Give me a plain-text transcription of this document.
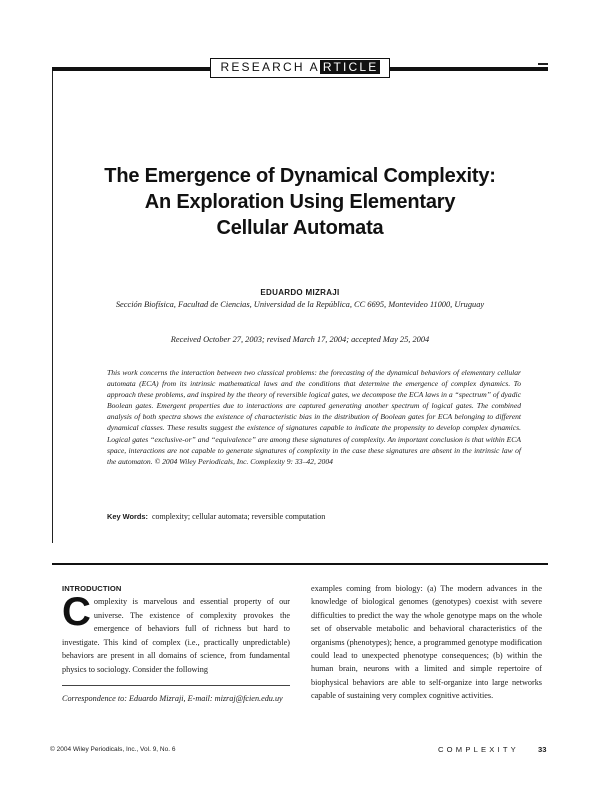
RESEARCH A RTICLE
The Emergence of Dynamical Complexity:
An Exploration Using Elementary
Cellular Automata
EDUARDO MIZRAJI
Sección Biofísica, Facultad de Ciencias, Universidad de la República, CC 6695, Montevideo 11000, Uruguay
Received October 27, 2003; revised March 17, 2004; accepted May 25, 2004
This work concerns the interaction between two classical problems: the forecasting of the dynamical behaviors of elementary cellular automata (ECA) from its intrinsic mathematical laws and the conditions that determine the emergence of complex dynamics. To approach these problems, and inspired by the theory of reversible logical gates, we decompose the ECA laws in a “spectrum” of dyadic Boolean gates. Emergent properties due to interactions are captured generating another spectrum of logical gates. The combined analysis of both spectra shows the existence of characteristic bias in the distribution of Boolean gates for ECA belonging to different dynamical classes. These results suggest the existence of signatures capable to indicate the propensity to develop complex dynamics. Logical gates “exclusive-or” and “equivalence” are among these signatures of complexity. An important conclusion is that within ECA space, interactions are not capable to generate signatures of complexity in the case these signatures are absent in the intrinsic law of the automaton. © 2004 Wiley Periodicals, Inc. Complexity 9: 33–42, 2004
Key Words: complexity; cellular automata; reversible computation
INTRODUCTION
Complexity is marvelous and essential property of our universe. The existence of complexity provokes the emergence of behaviors full of richness but hard to investigate. This kind of complex (i.e., practically unpredictable) behaviors are present in all domains of science, from fundamental physics to sociology. Consider the following
examples coming from biology: (a) The modern advances in the knowledge of biological genomes (genotypes) coexist with severe difficulties to predict the way the whole genotype maps on the whole set of observable metabolic and behavioral characteristics of the organisms (phenotypes); hence, a programmed genotype modification could lead to unexpected phenotype consequences; (b) within the human brain, neurons with a limited and simple repertoire of biophysical behaviors are able to self-organize into large networks capable of sustaining very complex cognitive activities.
Correspondence to: Eduardo Mizraji, E-mail: mizraj@fcien.edu.uy
© 2004 Wiley Periodicals, Inc., Vol. 9, No. 6	COMPLEXITY	33
